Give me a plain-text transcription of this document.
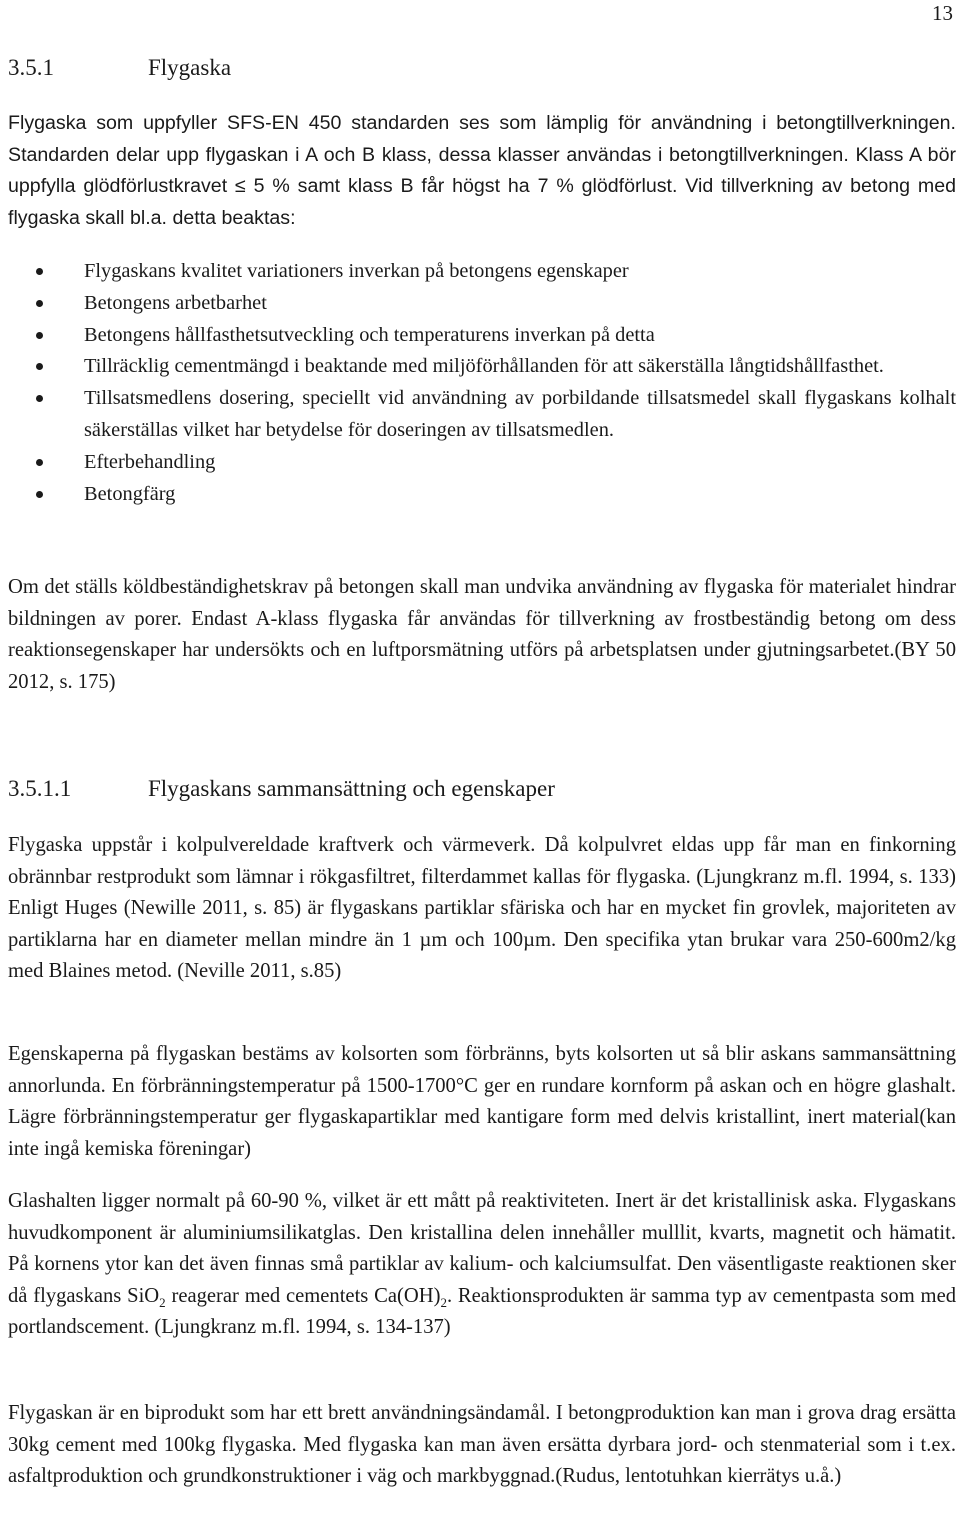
13
3.5.1	Flygaska

Flygaska som uppfyller SFS-EN 450 standarden ses som lämplig för användning i betongtillverkningen. Standarden delar upp flygaskan i A och B klass, dessa klasser användas i betongtillverkningen. Klass A bör uppfylla glödförlustkravet ≤ 5 % samt klass B får högst ha 7 % glödförlust. Vid tillverkning av betong med flygaska skall bl.a. detta beaktas:

Flygaskans kvalitet variationers inverkan på betongens egenskaper
Betongens arbetbarhet
Betongens hållfasthetsutveckling och temperaturens inverkan på detta
Tillräcklig cementmängd i beaktande med miljöförhållanden för att säkerställa långtidshållfasthet.
Tillsatsmedlens dosering, speciellt vid användning av porbildande tillsatsmedel skall flygaskans kolhalt säkerställas vilket har betydelse för doseringen av tillsatsmedlen.
Efterbehandling
Betongfärg

Om det ställs köldbeständighetskrav på betongen skall man undvika användning av flygaska för materialet hindrar bildningen av porer. Endast A-klass flygaska får användas för tillverkning av frostbeständig betong om dess reaktionsegenskaper har undersökts och en luftporsmätning utförs på arbetsplatsen under gjutningsarbetet.(BY 50 2012, s. 175)

3.5.1.1	Flygaskans sammansättning och egenskaper

Flygaska uppstår i kolpulvereldade kraftverk och värmeverk. Då kolpulvret eldas upp får man en finkorning obrännbar restprodukt som lämnar i rökgasfiltret, filterdammet kallas för flygaska. (Ljungkranz m.fl. 1994, s. 133) Enligt Huges (Newille 2011, s. 85) är flygaskans partiklar sfäriska och har en mycket fin grovlek, majoriteten av partiklarna har en diameter mellan mindre än 1 µm och 100µm. Den specifika ytan brukar vara 250-600m2/kg med Blaines metod. (Neville 2011, s.85)

Egenskaperna på flygaskan bestäms av kolsorten som förbränns, byts kolsorten ut så blir askans sammansättning annorlunda. En förbränningstemperatur på 1500-1700°C ger en rundare kornform på askan och en högre glashalt. Lägre förbränningstemperatur ger flygaskapartiklar med kantigare form med delvis kristallint, inert material(kan inte ingå kemiska föreningar)

Glashalten ligger normalt på 60-90 %, vilket är ett mått på reaktiviteten. Inert är det kristallinisk aska. Flygaskans huvudkomponent är aluminiumsilikatglas. Den kristallina delen innehåller mulllit, kvarts, magnetit och hämatit. På kornens ytor kan det även finnas små partiklar av kalium- och kalciumsulfat. Den väsentligaste reaktionen sker då flygaskans SiO$_2$ reagerar med cementets $Ca(OH)_2$. Reaktionsprodukten är samma typ av cementpasta som med portlandscement. (Ljungkranz m.fl. 1994, s. 134-137)

Flygaskan är en biprodukt som har ett brett användningsändamål. I betongproduktion kan man i grova drag ersätta 30kg cement med 100kg flygaska. Med flygaska kan man även ersätta dyrbara jord- och stenmaterial som i t.ex. asfaltproduktion och grundkonstruktioner i väg och markbyggnad.(Rudus, lentotuhkan kierrätys u.å.)
